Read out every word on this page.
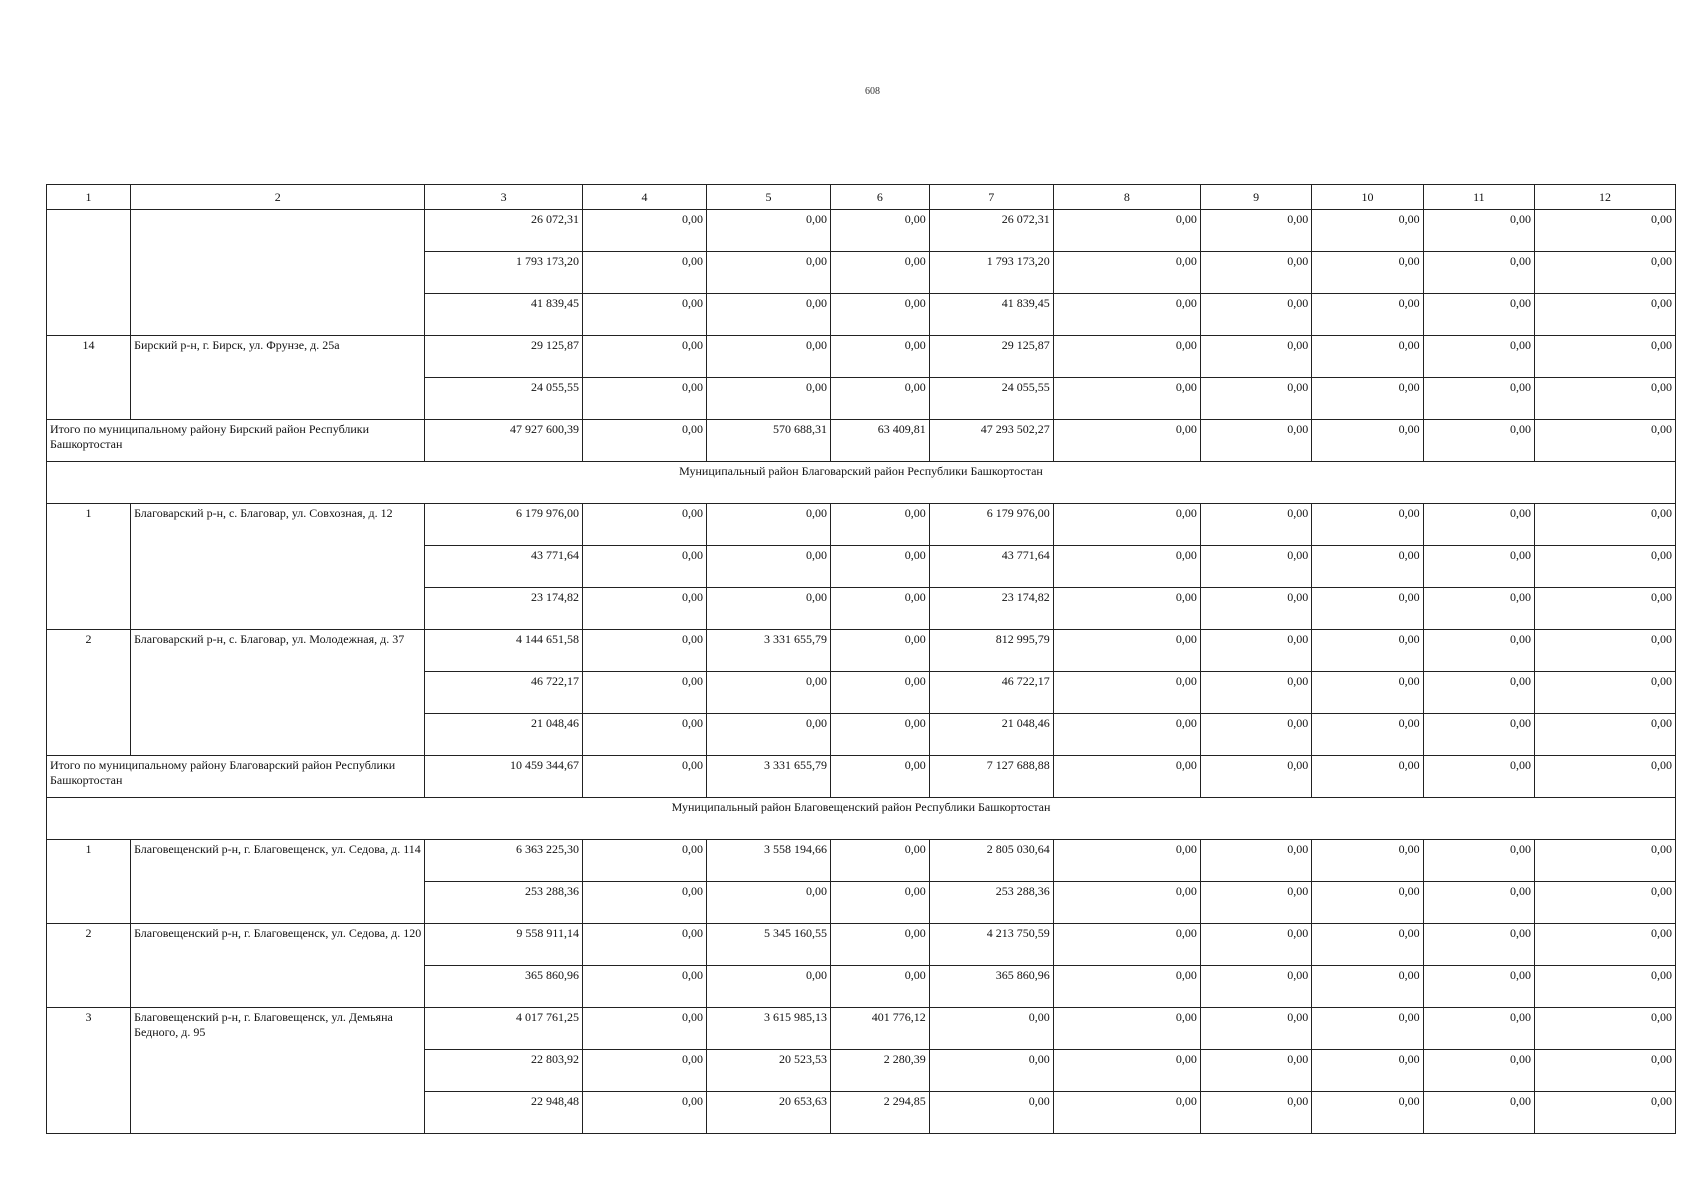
608
1	2	3	4	5	6	7	8	9	10	11	12
		26 072,31	0,00	0,00	0,00	26 072,31	0,00	0,00	0,00	0,00	0,00
		1 793 173,20	0,00	0,00	0,00	1 793 173,20	0,00	0,00	0,00	0,00	0,00
		41 839,45	0,00	0,00	0,00	41 839,45	0,00	0,00	0,00	0,00	0,00
14	Бирский р-н, г. Бирск, ул. Фрунзе, д. 25а	29 125,87	0,00	0,00	0,00	29 125,87	0,00	0,00	0,00	0,00	0,00
		24 055,55	0,00	0,00	0,00	24 055,55	0,00	0,00	0,00	0,00	0,00
Итого по муниципальному району Бирский район Республики Башкортостан		47 927 600,39	0,00	570 688,31	63 409,81	47 293 502,27	0,00	0,00	0,00	0,00	0,00
Муниципальный район Благоварский район Республики Башкортостан											
1	Благоварский р-н, с. Благовар, ул. Совхозная, д. 12	6 179 976,00	0,00	0,00	0,00	6 179 976,00	0,00	0,00	0,00	0,00	0,00
		43 771,64	0,00	0,00	0,00	43 771,64	0,00	0,00	0,00	0,00	0,00
		23 174,82	0,00	0,00	0,00	23 174,82	0,00	0,00	0,00	0,00	0,00
2	Благоварский р-н, с. Благовар, ул. Молодежная, д. 37	4 144 651,58	0,00	3 331 655,79	0,00	812 995,79	0,00	0,00	0,00	0,00	0,00
		46 722,17	0,00	0,00	0,00	46 722,17	0,00	0,00	0,00	0,00	0,00
		21 048,46	0,00	0,00	0,00	21 048,46	0,00	0,00	0,00	0,00	0,00
Итого по муниципальному району Благоварский район Республики Башкортостан		10 459 344,67	0,00	3 331 655,79	0,00	7 127 688,88	0,00	0,00	0,00	0,00	0,00
Муниципальный район Благовещенский район Республики Башкортостан											
1	Благовещенский р-н, г. Благовещенск, ул. Седова, д. 114	6 363 225,30	0,00	3 558 194,66	0,00	2 805 030,64	0,00	0,00	0,00	0,00	0,00
		253 288,36	0,00	0,00	0,00	253 288,36	0,00	0,00	0,00	0,00	0,00
2	Благовещенский р-н, г. Благовещенск, ул. Седова, д. 120	9 558 911,14	0,00	5 345 160,55	0,00	4 213 750,59	0,00	0,00	0,00	0,00	0,00
		365 860,96	0,00	0,00	0,00	365 860,96	0,00	0,00	0,00	0,00	0,00
3	Благовещенский р-н, г. Благовещенск, ул. Демьяна Бедного, д. 95	4 017 761,25	0,00	3 615 985,13	401 776,12	0,00	0,00	0,00	0,00	0,00	0,00
		22 803,92	0,00	20 523,53	2 280,39	0,00	0,00	0,00	0,00	0,00	0,00
		22 948,48	0,00	20 653,63	2 294,85	0,00	0,00	0,00	0,00	0,00	0,00
